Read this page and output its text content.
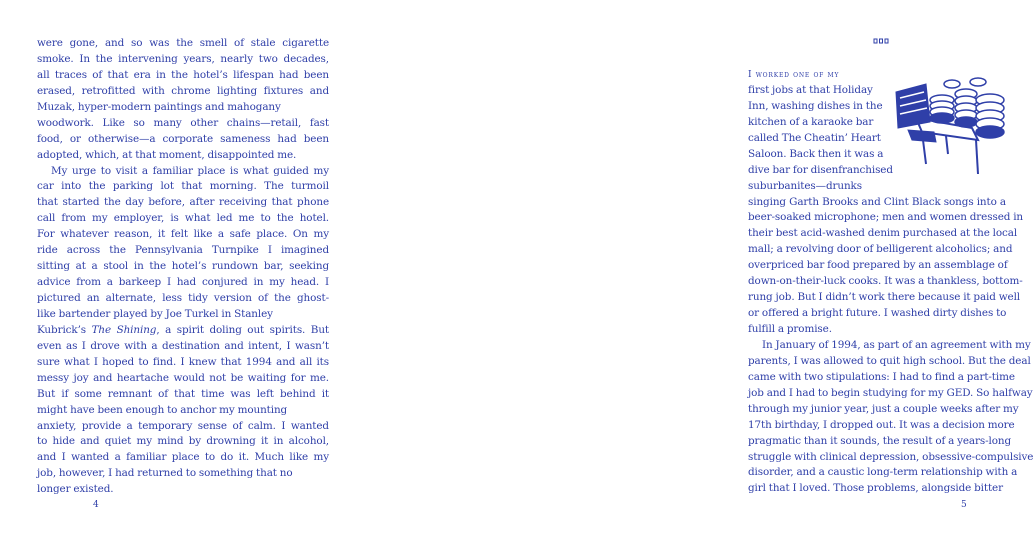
were gone, and so was the smell of stale cigarette
smoke. In the intervening years, nearly two decades,
all traces of that era in the hotel’s lifespan had been
erased, retrofitted with chrome lighting fixtures and
Muzak, hyper-modern paintings and mahogany
woodwork. Like so many other chains—retail, fast
food, or otherwise—a corporate sameness had been
adopted, which, at that moment, disappointed me.
My urge to visit a familiar place is what guided my
car into the parking lot that morning. The turmoil
that started the day before, after receiving that phone
call from my employer, is what led me to the hotel.
For whatever reason, it felt like a safe place. On my
ride across the Pennsylvania Turnpike I imagined
sitting at a stool in the hotel’s rundown bar, seeking
advice from a barkeep I had conjured in my head. I
pictured an alternate, less tidy version of the ghost-
like bartender played by Joe Turkel in Stanley
Kubrick’s The Shining, a spirit doling out spirits. But
even as I drove with a destination and intent, I wasn’t
sure what I hoped to find. I knew that 1994 and all its
messy joy and heartache would not be waiting for me.
But if some remnant of that time was left behind it
might have been enough to anchor my mounting
anxiety, provide a temporary sense of calm. I wanted
to hide and quiet my mind by drowning it in alcohol,
and I wanted a familiar place to do it. Much like my
job, however, I had returned to something that no
longer existed.
4
I worked one of my
first jobs at that Holiday
Inn, washing dishes in the
kitchen of a karaoke bar
called The Cheatin’ Heart
Saloon. Back then it was a
dive bar for disenfranchised
suburbanites—drunks
singing Garth Brooks and Clint Black songs into a
beer-soaked microphone; men and women dressed in
their best acid-washed denim purchased at the local
mall; a revolving door of belligerent alcoholics; and
overpriced bar food prepared by an assemblage of
down-on-their-luck cooks. It was a thankless, bottom-
rung job. But I didn’t work there because it paid well
or offered a bright future. I washed dirty dishes to
fulfill a promise.
In January of 1994, as part of an agreement with my
parents, I was allowed to quit high school. But the deal
came with two stipulations: I had to find a part-time
job and I had to begin studying for my GED. So halfway
through my junior year, just a couple weeks after my
17th birthday, I dropped out. It was a decision more
pragmatic than it sounds, the result of a years-long
struggle with clinical depression, obsessive-compulsive
disorder, and a caustic long-term relationship with a
girl that I loved. Those problems, alongside bitter
5
